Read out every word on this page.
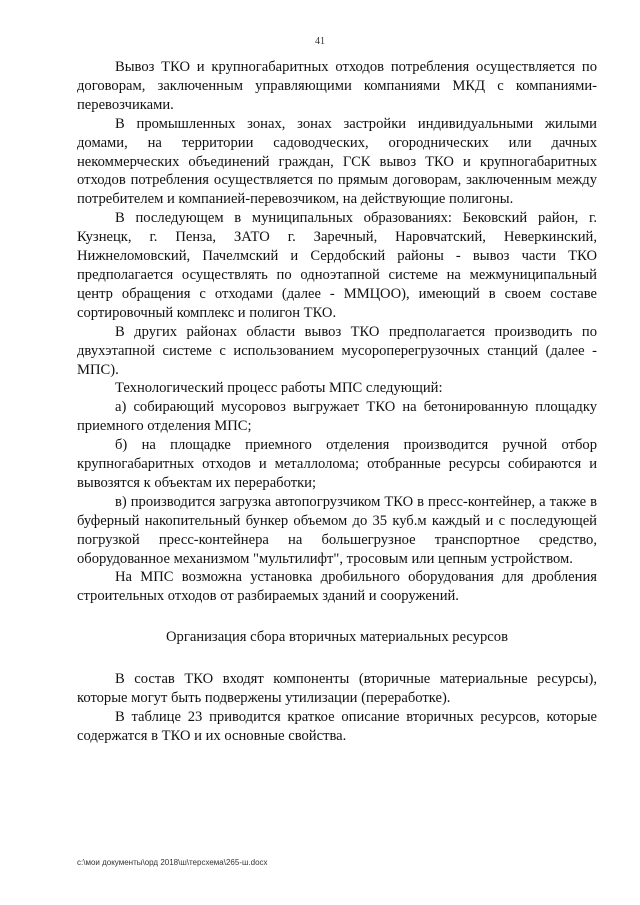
41

Вывоз ТКО и крупногабаритных отходов потребления осуществляется по договорам, заключенным управляющими компаниями МКД с компаниями-перевозчиками.

В промышленных зонах, зонах застройки индивидуальными жилыми домами, на территории садоводческих, огороднических или дачных некоммерческих объединений граждан, ГСК вывоз ТКО и крупногабаритных отходов потребления осуществляется по прямым договорам, заключенным между потребителем и компанией-перевозчиком, на действующие полигоны.

В последующем в муниципальных образованиях: Бековский район, г. Кузнецк, г. Пенза, ЗАТО г. Заречный, Наровчатский, Неверкинский, Нижнеломовский, Пачелмский и Сердобский районы - вывоз части ТКО предполагается осуществлять по одноэтапной системе на межмуниципальный центр обращения с отходами (далее - ММЦОО), имеющий в своем составе сортировочный комплекс и полигон ТКО.

В других районах области вывоз ТКО предполагается производить по двухэтапной системе с использованием мусороперегрузочных станций (далее - МПС).

Технологический процесс работы МПС следующий:

а) собирающий мусоровоз выгружает ТКО на бетонированную площадку приемного отделения МПС;

б) на площадке приемного отделения производится ручной отбор крупногабаритных отходов и металлолома; отобранные ресурсы собираются и вывозятся к объектам их переработки;

в) производится загрузка автопогрузчиком ТКО в пресс-контейнер, а также в буферный накопительный бункер объемом до 35 куб.м каждый и с последующей погрузкой пресс-контейнера на большегрузное транспортное средство, оборудованное механизмом "мультилифт", тросовым или цепным устройством.

На МПС возможна установка дробильного оборудования для дробления строительных отходов от разбираемых зданий и сооружений.

Организация сбора вторичных материальных ресурсов

В состав ТКО входят компоненты (вторичные материальные ресурсы), которые могут быть подвержены утилизации (переработке).

В таблице 23 приводится краткое описание вторичных ресурсов, которые содержатся в ТКО и их основные свойства.

c:\мои документы\орд 2018\ш\терсхема\265-ш.docx
